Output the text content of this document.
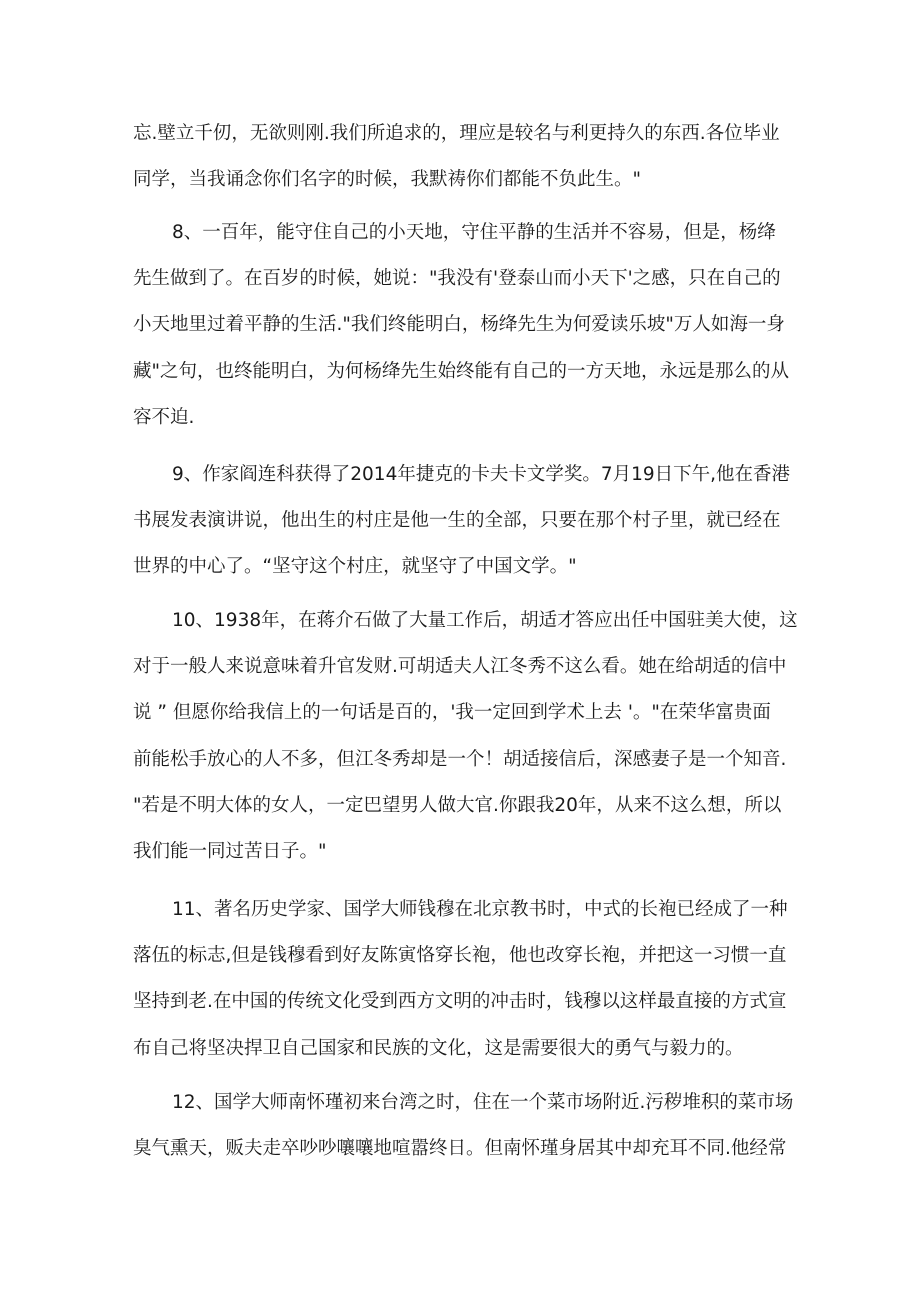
忘.壁立千仞，无欲则刚.我们所追求的，理应是较名与利更持久的东西.各位毕业
同学，当我诵念你们名字的时候，我默祷你们都能不负此生。"
8、一百年，能守住自己的小天地，守住平静的生活并不容易，但是，杨绛
先生做到了。在百岁的时候，她说："我没有'登泰山而小天下'之感，只在自己的
小天地里过着平静的生活."我们终能明白，杨绛先生为何爱读乐坡"万人如海一身
藏"之句，也终能明白，为何杨绛先生始终能有自己的一方天地，永远是那么的从
容不迫.
9、作家阎连科获得了2014年捷克的卡夫卡文学奖。7月19日下午,他在香港
书展发表演讲说，他出生的村庄是他一生的全部，只要在那个村子里，就已经在
世界的中心了。“坚守这个村庄，就坚守了中国文学。"
10、1938年，在蒋介石做了大量工作后，胡适才答应出任中国驻美大使，这
对于一般人来说意味着升官发财.可胡适夫人江冬秀不这么看。她在给胡适的信中
说 ” 但愿你给我信上的一句话是百的，'我一定回到学术上去 '。"在荣华富贵面
前能松手放心的人不多，但江冬秀却是一个！胡适接信后，深感妻子是一个知音.
"若是不明大体的女人，一定巴望男人做大官.你跟我20年，从来不这么想，所以
我们能一同过苦日子。"
11、著名历史学家、国学大师钱穆在北京教书时，中式的长袍已经成了一种
落伍的标志,但是钱穆看到好友陈寅恪穿长袍，他也改穿长袍，并把这一习惯一直
坚持到老.在中国的传统文化受到西方文明的冲击时，钱穆以这样最直接的方式宣
布自己将坚决捍卫自己国家和民族的文化，这是需要很大的勇气与毅力的。
12、国学大师南怀瑾初来台湾之时，住在一个菜市场附近.污秽堆积的菜市场
臭气熏天，贩夫走卒吵吵嚷嚷地喧嚣终日。但南怀瑾身居其中却充耳不同.他经常
